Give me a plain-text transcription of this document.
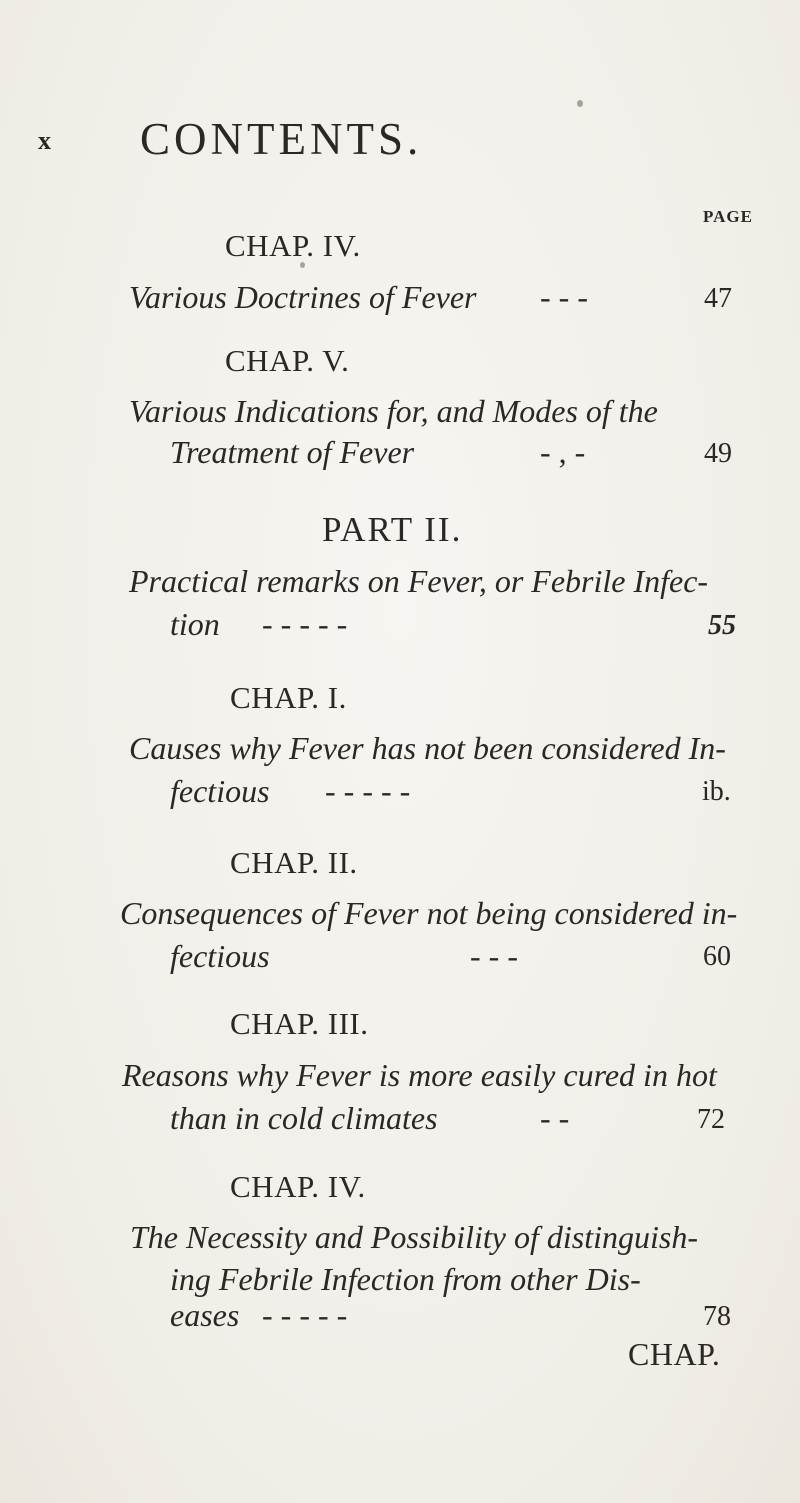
x CONTENTS.
PAGE
CHAP. IV.
Various Doctrines of Fever - - -	47
CHAP. V.
Various Indications for, and Modes of the
Treatment of Fever	- , -	49
PART II.
Practical remarks on Fever, or Febrile Infec-
tion - - - - -	55
CHAP. I.
Causes why Fever has not been considered In-
fectious - - - - -	ib.
CHAP. II.
Consequences of Fever not being considered in-
fectious	- - -	60
CHAP. III.
Reasons why Fever is more easily cured in hot
than in cold climates	- -	72
CHAP. IV.
The Necessity and Possibility of distinguish-
ing Febrile Infection from other Dis-
eases - - - - -	78
CHAP.
